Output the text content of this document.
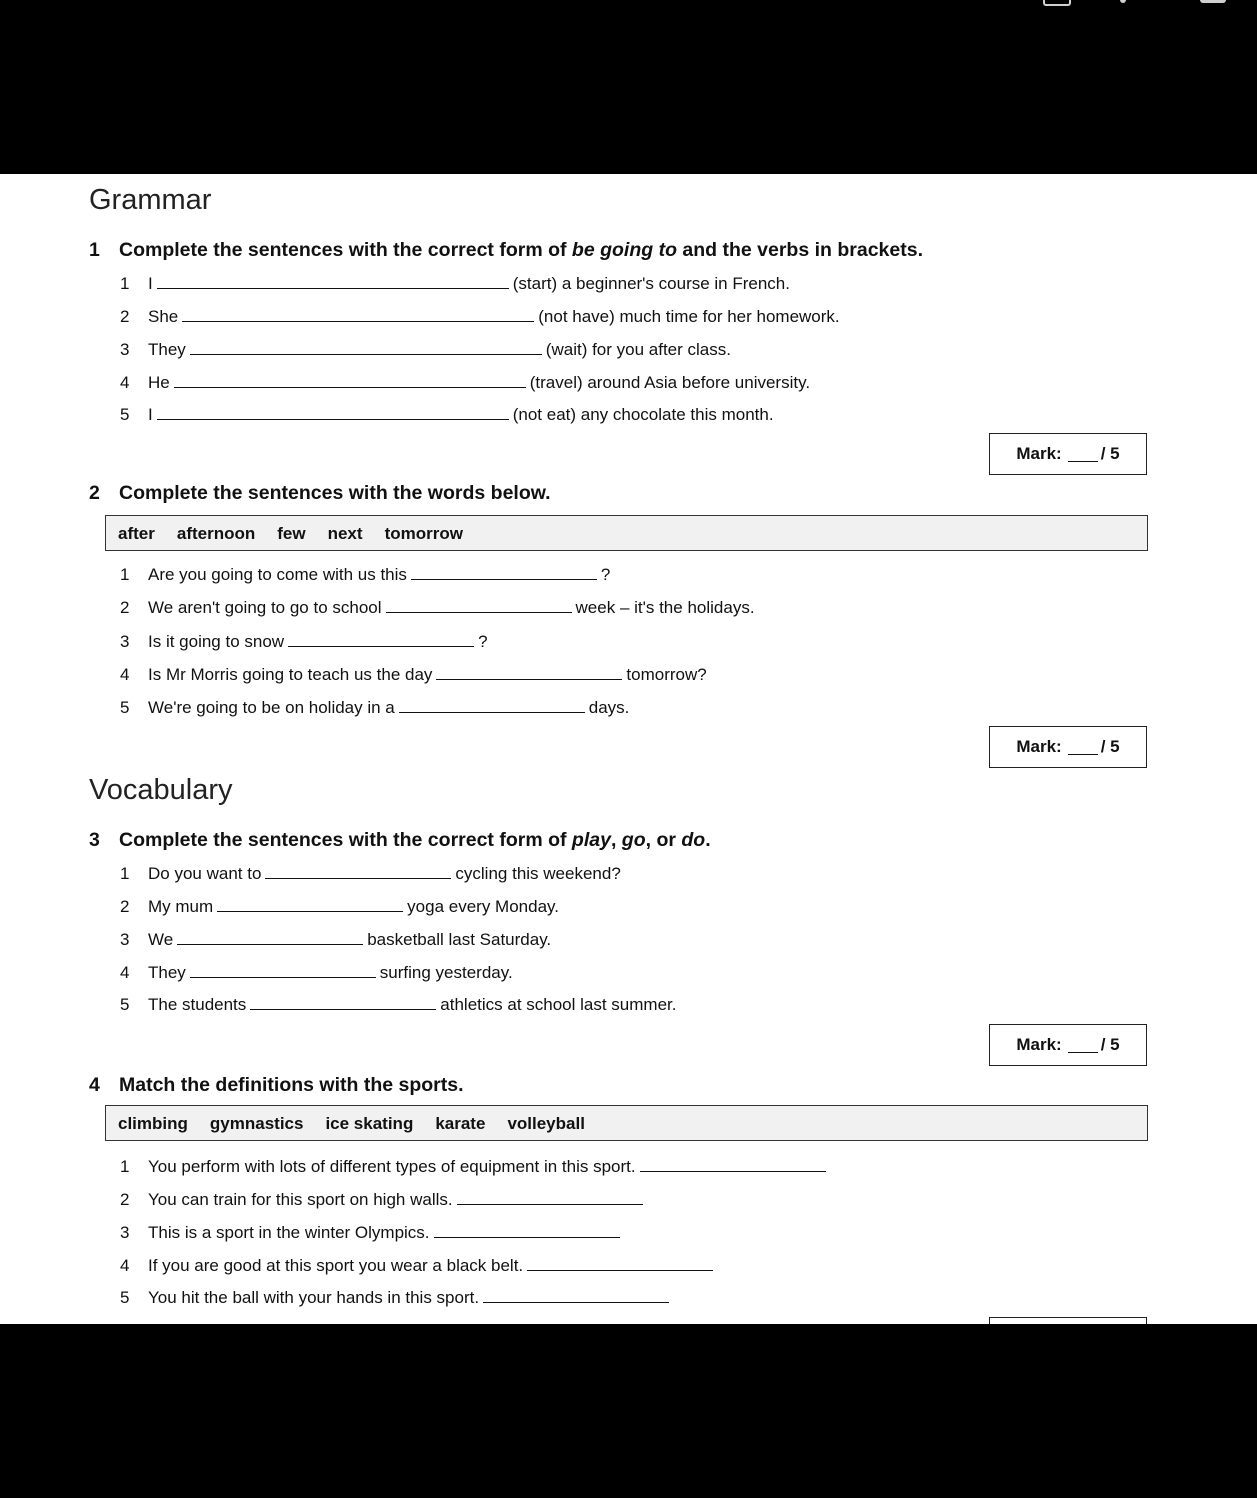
Grammar
1 Complete the sentences with the correct form of be going to and the verbs in brackets.
1 I	(start) a beginner's course in French.
2 She	(not have) much time for her homework.
3 They	(wait) for you after class.
4 He	(travel) around Asia before university.
5 I	(not eat) any chocolate this month.
Mark: / 5
2 Complete the sentences with the words below.
after afternoon few next tomorrow
1 Are you going to come with us this	?
2 We aren't going to go to school	week – it's the holidays.
3 Is it going to snow	?
4 Is Mr Morris going to teach us the day	tomorrow?
5 We're going to be on holiday in a	days.
Mark: / 5
Vocabulary
3 Complete the sentences with the correct form of play, go, or do.
1 Do you want to	cycling this weekend?
2 My mum	yoga every Monday.
3 We	basketball last Saturday.
4 They	surfing yesterday.
5 The students	athletics at school last summer.
Mark: / 5
4 Match the definitions with the sports.
climbing gymnastics ice skating karate volleyball
1 You perform with lots of different types of equipment in this sport.
2 You can train for this sport on high walls.
3 This is a sport in the winter Olympics.
4 If you are good at this sport you wear a black belt.
5 You hit the ball with your hands in this sport.
